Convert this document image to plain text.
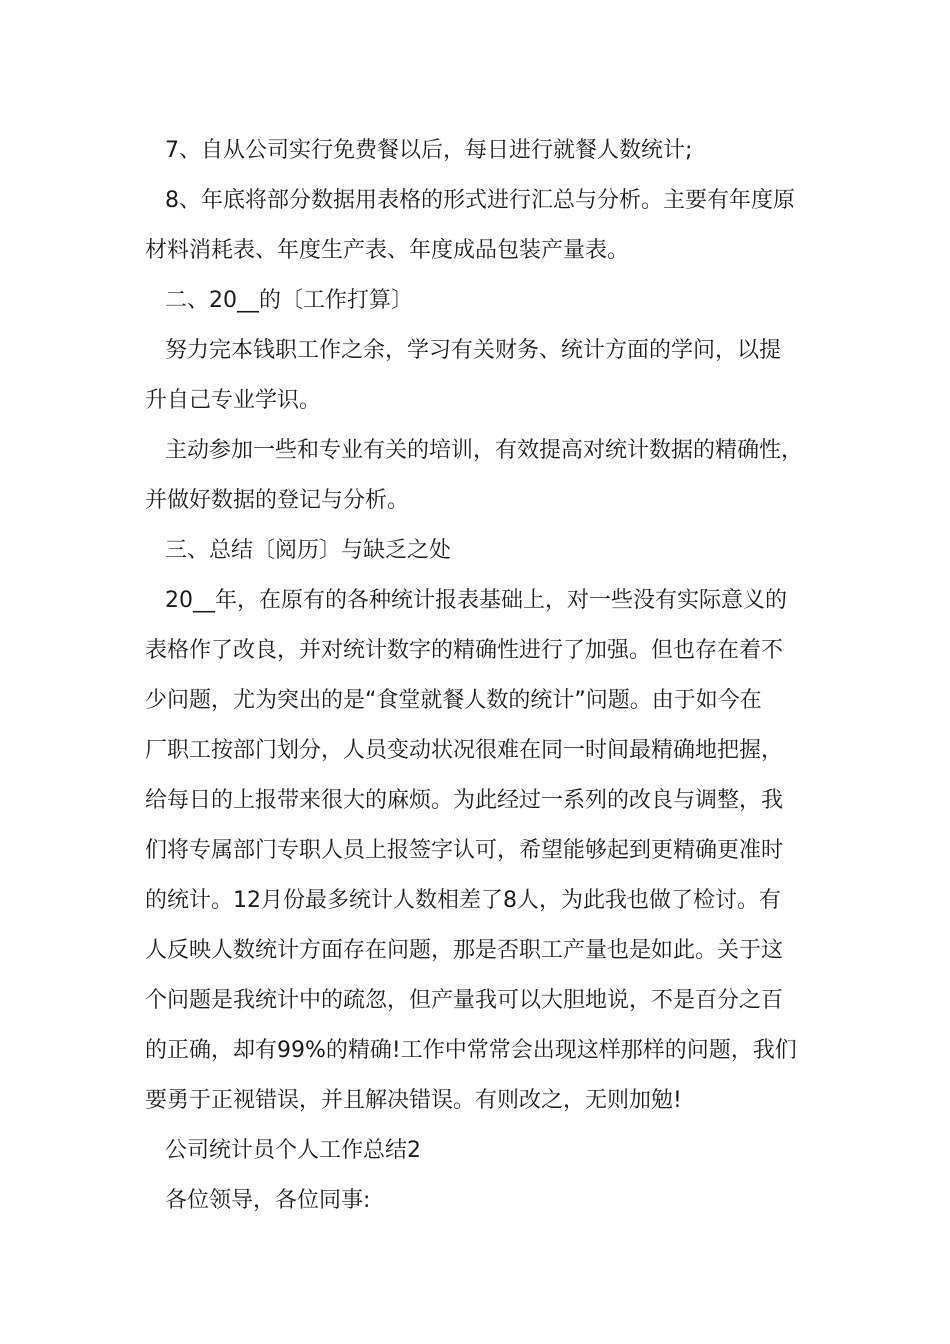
7、自从公司实行免费餐以后，每日进行就餐人数统计;
8、年底将部分数据用表格的形式进行汇总与分析。主要有年度原
材料消耗表、年度生产表、年度成品包装产量表。
二、20__的〔工作打算〕
努力完本钱职工作之余，学习有关财务、统计方面的学问，以提
升自己专业学识。
主动参加一些和专业有关的培训，有效提高对统计数据的精确性，
并做好数据的登记与分析。
三、总结〔阅历〕与缺乏之处
20__年，在原有的各种统计报表基础上，对一些没有实际意义的
表格作了改良，并对统计数字的精确性进行了加强。但也存在着不
少问题，尤为突出的是“食堂就餐人数的统计”问题。由于如今在
厂职工按部门划分，人员变动状况很难在同一时间最精确地把握，
给每日的上报带来很大的麻烦。为此经过一系列的改良与调整，我
们将专属部门专职人员上报签字认可，希望能够起到更精确更准时
的统计。12月份最多统计人数相差了8人，为此我也做了检讨。有
人反映人数统计方面存在问题，那是否职工产量也是如此。关于这
个问题是我统计中的疏忽，但产量我可以大胆地说，不是百分之百
的正确，却有99%的精确!工作中常常会出现这样那样的问题，我们
要勇于正视错误，并且解决错误。有则改之，无则加勉!
公司统计员个人工作总结2
各位领导，各位同事:
